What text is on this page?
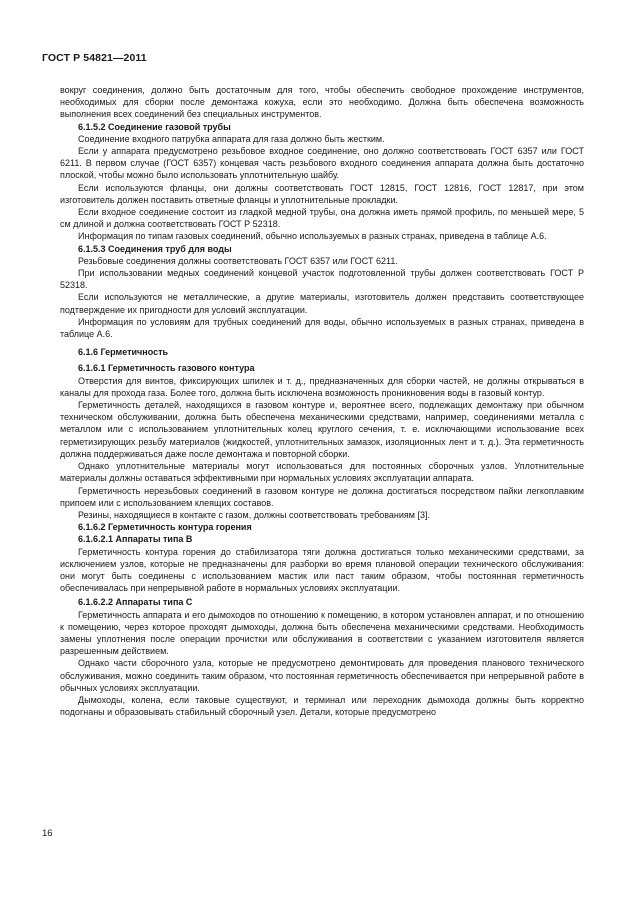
ГОСТ Р 54821—2011

вокруг соединения, должно быть достаточным для того, чтобы обеспечить свободное прохождение инструментов, необходимых для сборки после демонтажа кожуха, если это необходимо. Должна быть обеспечена возможность выполнения всех соединений без специальных инструментов.

6.1.5.2 Соединение газовой трубы

Соединение входного патрубка аппарата для газа должно быть жестким.

Если у аппарата предусмотрено резьбовое входное соединение, оно должно соответствовать ГОСТ 6357 или ГОСТ 6211. В первом случае (ГОСТ 6357) концевая часть резьбового входного соединения аппарата должна быть достаточно плоской, чтобы можно было использовать уплотнительную шайбу.

Если используются фланцы, они должны соответствовать ГОСТ 12815, ГОСТ 12816, ГОСТ 12817, при этом изготовитель должен поставить ответные фланцы и уплотнительные прокладки.

Если входное соединение состоит из гладкой медной трубы, она должна иметь прямой профиль, по меньшей мере, 5 см длиной и должна соответствовать ГОСТ Р 52318.

Информация по типам газовых соединений, обычно используемых в разных странах, приведена в таблице А.6.

6.1.5.3 Соединения труб для воды

Резьбовые соединения должны соответствовать ГОСТ 6357 или ГОСТ 6211.

При использовании медных соединений концевой участок подготовленной трубы должен соответствовать ГОСТ Р 52318.

Если используются не металлические, а другие материалы, изготовитель должен представить соответствующее подтверждение их пригодности для условий эксплуатации.

Информация по условиям для трубных соединений для воды, обычно используемых в разных странах, приведена в таблице А.6.

6.1.6 Герметичность
6.1.6.1 Герметичность газового контура

Отверстия для винтов, фиксирующих шпилек и т. д., предназначенных для сборки частей, не должны открываться в каналы для прохода газа. Более того, должна быть исключена возможность проникновения воды в газовый контур.

Герметичность деталей, находящихся в газовом контуре и, вероятнее всего, подлежащих демонтажу при обычном техническом обслуживании, должна быть обеспечена механическими средствами, например, соединениями металла с металлом или с использованием уплотнительных колец круглого сечения, т. е. исключающими использование всех герметизирующих резьбу материалов (жидкостей, уплотнительных замазок, изоляционных лент и т. д.). Эта герметичность должна поддерживаться даже после демонтажа и повторной сборки.

Однако уплотнительные материалы могут использоваться для постоянных сборочных узлов. Уплотнительные материалы должны оставаться эффективными при нормальных условиях эксплуатации аппарата.

Герметичность нерезьбовых соединений в газовом контуре не должна достигаться посредством пайки легкоплавким припоем или с использованием клеящих составов.

Резины, находящиеся в контакте с газом, должны соответствовать требованиям [3].

6.1.6.2 Герметичность контура горения
6.1.6.2.1 Аппараты типа В

Герметичность контура горения до стабилизатора тяги должна достигаться только механическими средствами, за исключением узлов, которые не предназначены для разборки во время плановой операции технического обслуживания: они могут быть соединены с использованием мастик или паст таким образом, чтобы постоянная герметичность обеспечивалась при непрерывной работе в нормальных условиях эксплуатации.

6.1.6.2.2 Аппараты типа С

Герметичность аппарата и его дымоходов по отношению к помещению, в котором установлен аппарат, и по отношению к помещению, через которое проходят дымоходы, должна быть обеспечена механическими средствами. Необходимость замены уплотнения после операции прочистки или обслуживания в соответствии с указанием изготовителя является разрешенным действием.

Однако части сборочного узла, которые не предусмотрено демонтировать для проведения планового технического обслуживания, можно соединить таким образом, что постоянная герметичность обеспечивается при непрерывной работе в обычных условиях эксплуатации.

Дымоходы, колена, если таковые существуют, и терминал или переходник дымохода должны быть корректно подогнаны и образовывать стабильный сборочный узел. Детали, которые предусмотрено

16
